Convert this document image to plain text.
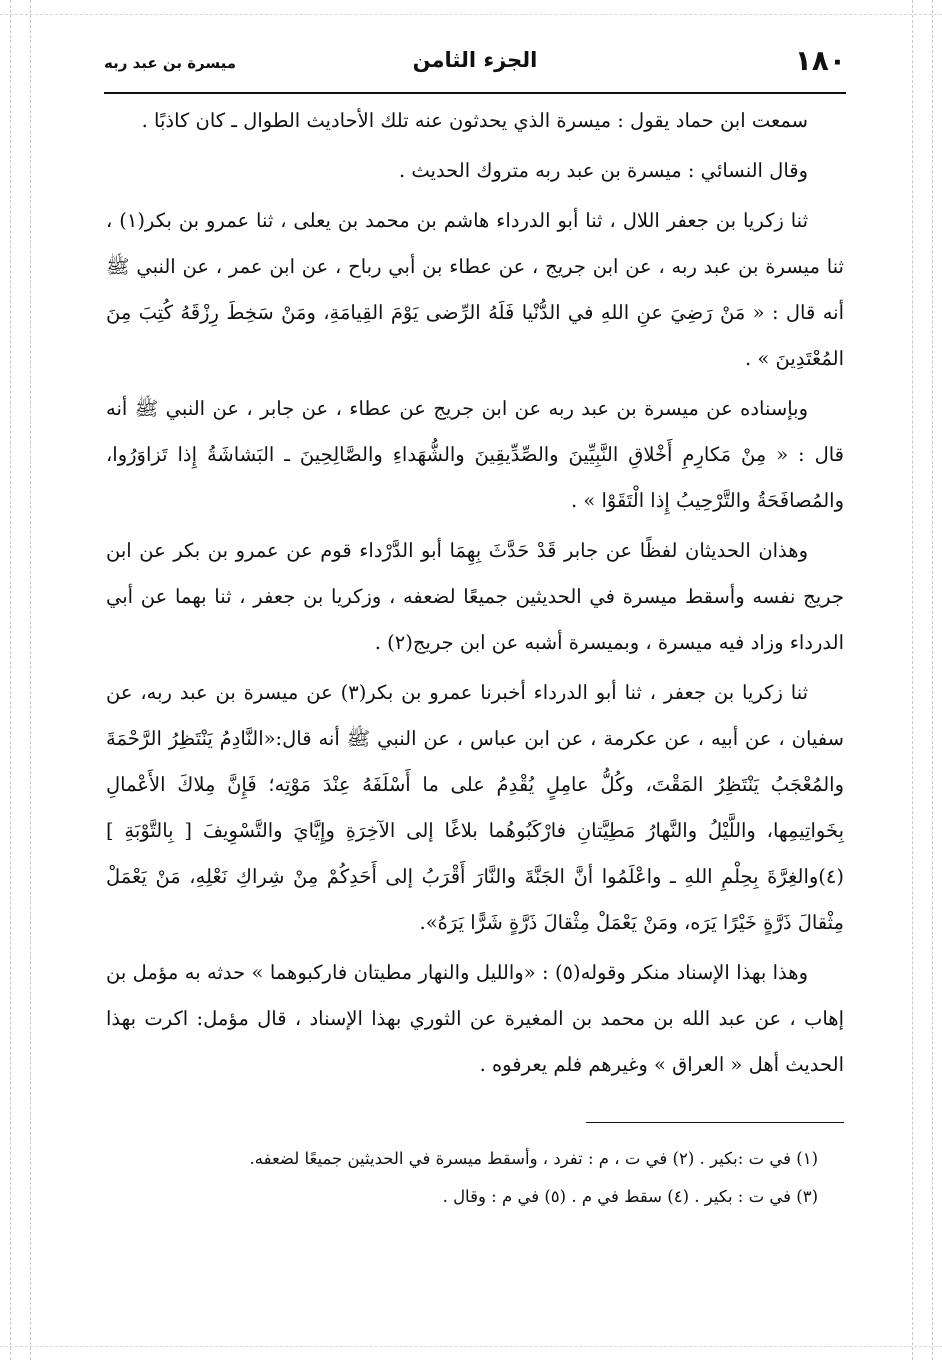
١٨٠
الجزء الثامن
ميسرة بن عبد ربه

سمعت ابن حماد يقول : ميسرة الذي يحدثون عنه تلك الأحاديث الطوال ـ كان كاذبًا .

وقال النسائي : ميسرة بن عبد ربه متروك الحديث .

ثنا زكريا بن جعفر اللال ، ثنا أبو الدرداء هاشم بن محمد بن يعلى ، ثنا عمرو بن بكر(١) ، ثنا ميسرة بن عبد ربه ، عن ابن جريج ، عن عطاء بن أبي رباح ، عن ابن عمر ، عن النبي ﷺ أنه قال : « مَنْ رَضِيَ عنِ اللهِ في الدُّنْيا فَلَهُ الرِّضى يَوْمَ القِيامَةِ، ومَنْ سَخِطَ رِزْقَهُ كُتِبَ مِنَ المُعْتَدِينَ » .

وبإسناده عن ميسرة بن عبد ربه عن ابن جريج عن عطاء ، عن جابر ، عن النبي ﷺ أنه قال : « مِنْ مَكارِمِ أَخْلاقِ النَّبِيِّينَ والصِّدِّيقِينَ والشُّهَداءِ والصَّالِحِينَ ـ البَشاشَةُ إِذا تَزاوَرُوا، والمُصافَحَةُ والتَّرْحِيبُ إِذا الْتَقَوْا » .

وهذان الحديثان لفظًا عن جابر قَدْ حَدَّثَ بِهِمَا أبو الدَّرْداء قوم عن عمرو بن بكر عن ابن جريج نفسه وأسقط ميسرة في الحديثين جميعًا لضعفه ، وزكريا بن جعفر ، ثنا بهما عن أبي الدرداء وزاد فيه ميسرة ، وبميسرة أشبه عن ابن جريج(٢) .

ثنا زكريا بن جعفر ، ثنا أبو الدرداء أخبرنا عمرو بن بكر(٣) عن ميسرة بن عبد ربه، عن سفيان ، عن أبيه ، عن عكرمة ، عن ابن عباس ، عن النبي ﷺ أنه قال:«النَّادِمُ يَنْتَظِرُ الرَّحْمَةَ والمُعْجَبُ يَنْتَظِرُ المَقْتَ، وكُلُّ عامِلٍ يُقْدِمُ على ما أَسْلَفَهُ عِنْدَ مَوْتِه؛ فَإِنَّ مِلاكَ الأَعْمالِ بِخَواتِيمِها، واللَّيْلُ والنَّهارُ مَطِيَّتانِ فارْكَبُوهُما بلاغًا إلى الآخِرَةِ وإِيَّايَ والتَّسْوِيفَ [ بِالتَّوْبَةِ ](٤)والغِرَّةَ بِحِلْمِ اللهِ ـ واعْلَمُوا أنَّ الجَنَّةَ والنَّارَ أَقْرَبُ إلى أَحَدِكُمْ مِنْ شِراكِ نَعْلِهِ، مَنْ يَعْمَلْ مِثْقالَ ذَرَّةٍ خَيْرًا يَرَه، ومَنْ يَعْمَلْ مِثْقالَ ذَرَّةٍ شَرًّا يَرَهُ».

وهذا بهذا الإسناد منكر وقوله(٥) : «والليل والنهار مطيتان فاركبوهما » حدثه به مؤمل بن إهاب ، عن عبد الله بن محمد بن المغيرة عن الثوري بهذا الإسناد ، قال مؤمل: اكرت بهذا الحديث أهل « العراق » وغيرهم فلم يعرفوه .

(١) في ت :بكير . (٢) في ت ، م : تفرد ، وأسقط ميسرة في الحديثين جميعًا لضعفه.
(٣) في ت : بكير . (٤) سقط في م . (٥) في م : وقال .
